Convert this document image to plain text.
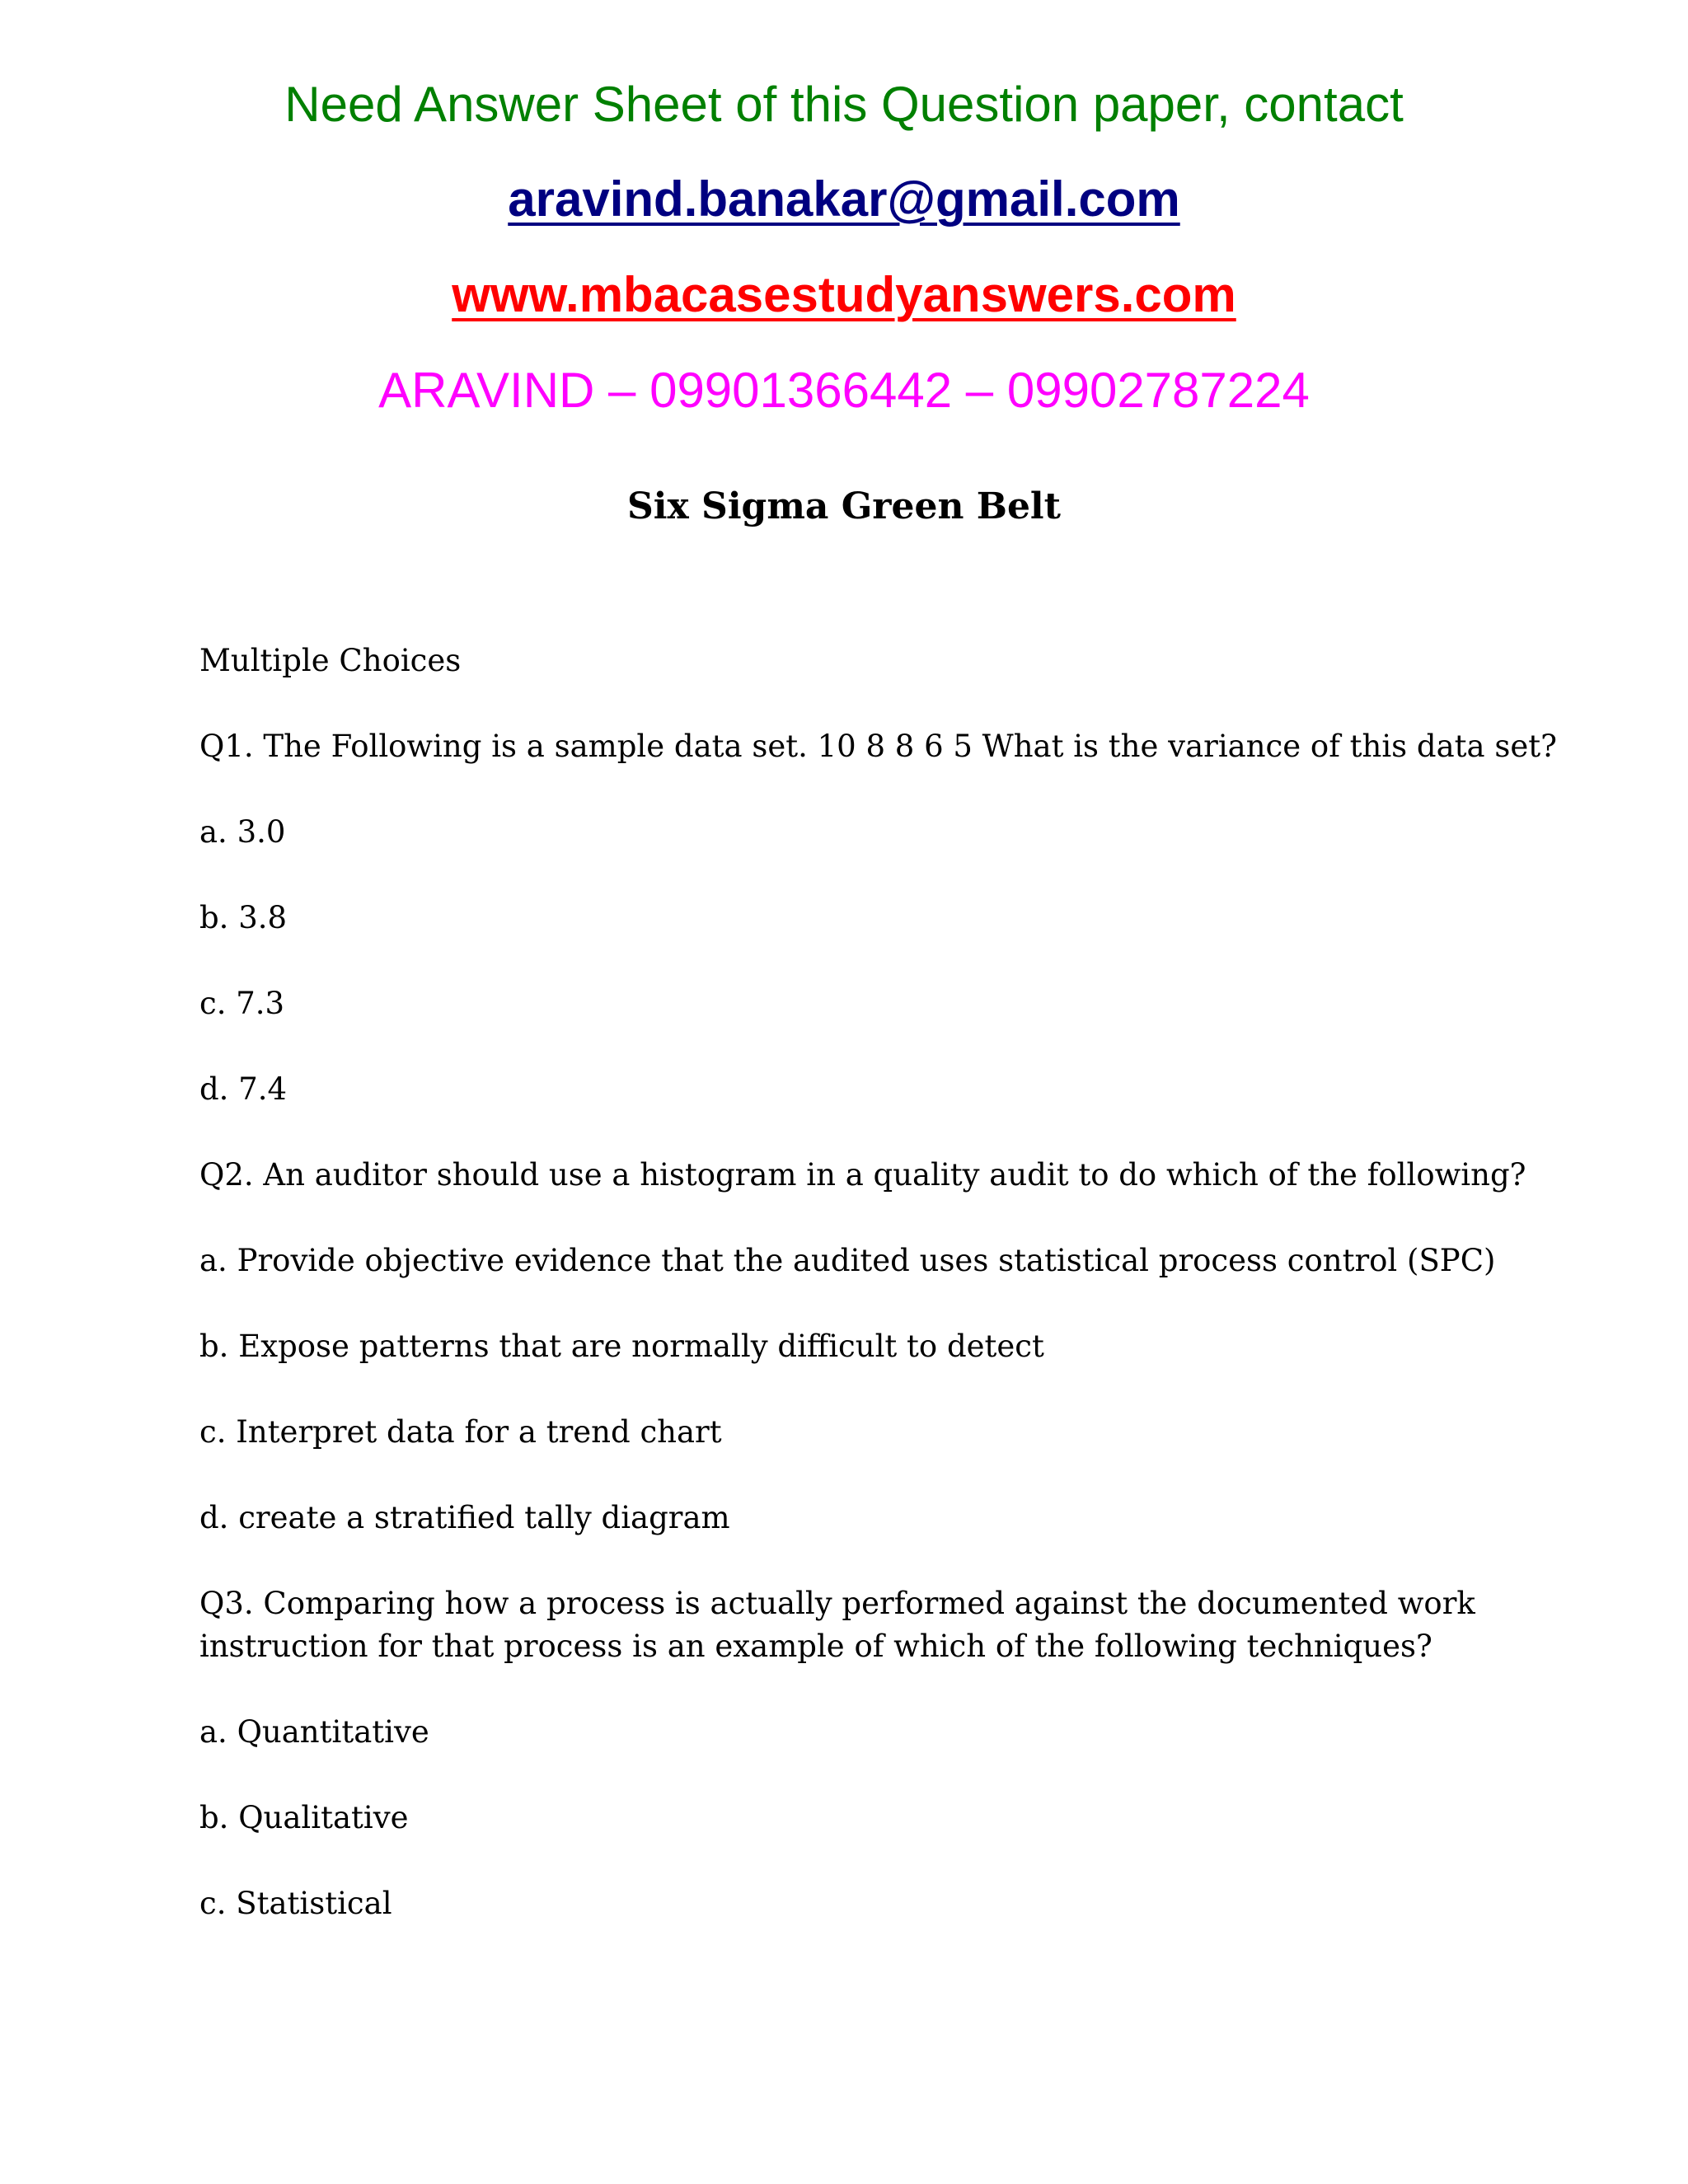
Need Answer Sheet of this Question paper, contact
aravind.banakar@gmail.com
www.mbacasestudyanswers.com
ARAVIND – 09901366442 – 09902787224
Six Sigma Green Belt
Multiple Choices
Q1. The Following is a sample data set. 10 8 8 6 5 What is the variance of this data set?
a. 3.0
b. 3.8
c. 7.3
d. 7.4
Q2. An auditor should use a histogram in a quality audit to do which of the following?
a. Provide objective evidence that the audited uses statistical process control (SPC)
b. Expose patterns that are normally difficult to detect
c. Interpret data for a trend chart
d. create a stratified tally diagram
Q3. Comparing how a process is actually performed against the documented work
instruction for that process is an example of which of the following techniques?
a. Quantitative
b. Qualitative
c. Statistical
